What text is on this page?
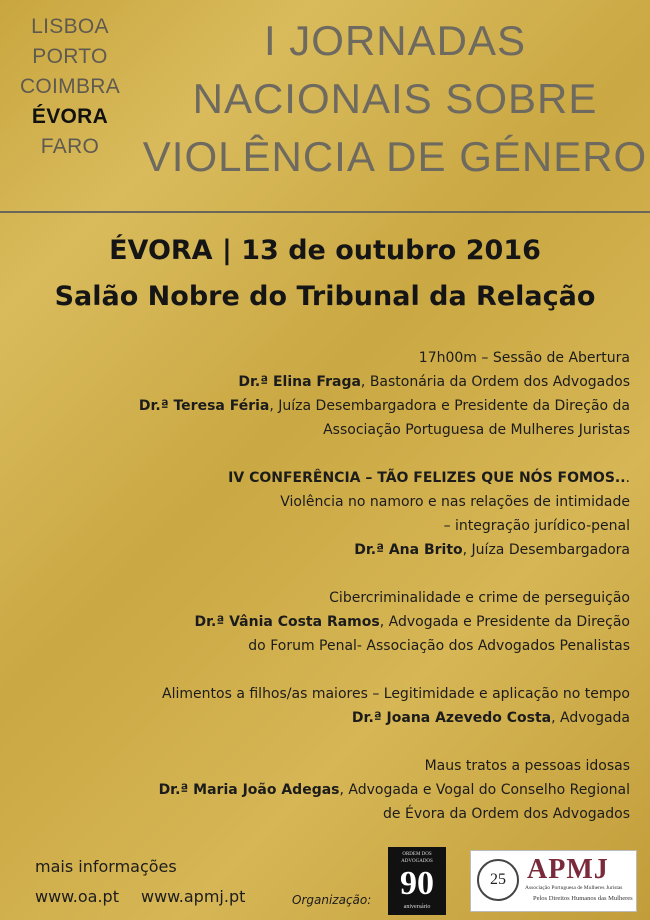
LISBOA
PORTO
COIMBRA
ÉVORA
FARO
I JORNADAS
NACIONAIS SOBRE
VIOLÊNCIA DE GÉNERO
ÉVORA | 13 de outubro 2016
Salão Nobre do Tribunal da Relação
17h00m – Sessão de Abertura
Dr.ª Elina Fraga, Bastonária da Ordem dos Advogados
Dr.ª Teresa Féria, Juíza Desembargadora e Presidente da Direção da
Associação Portuguesa de Mulheres Juristas
IV CONFERÊNCIA – TÃO FELIZES QUE NÓS FOMOS...
Violência no namoro e nas relações de intimidade
– integração jurídico-penal
Dr.ª Ana Brito, Juíza Desembargadora
Cibercriminalidade e crime de perseguição
Dr.ª Vânia Costa Ramos, Advogada e Presidente da Direção
do Forum Penal- Associação dos Advogados Penalistas
Alimentos a filhos/as maiores – Legitimidade e aplicação no tempo
Dr.ª Joana Azevedo Costa, Advogada
Maus tratos a pessoas idosas
Dr.ª Maria João Adegas, Advogada e Vogal do Conselho Regional
de Évora da Ordem dos Advogados
mais informações
www.oa.pt www.apmj.pt	Organização:
ORDEM DOS ADVOGADOS
90
aniversário
25 APMJ
Associação Portuguesa de Mulheres Juristas
Pelos Direitos Humanos das Mulheres
